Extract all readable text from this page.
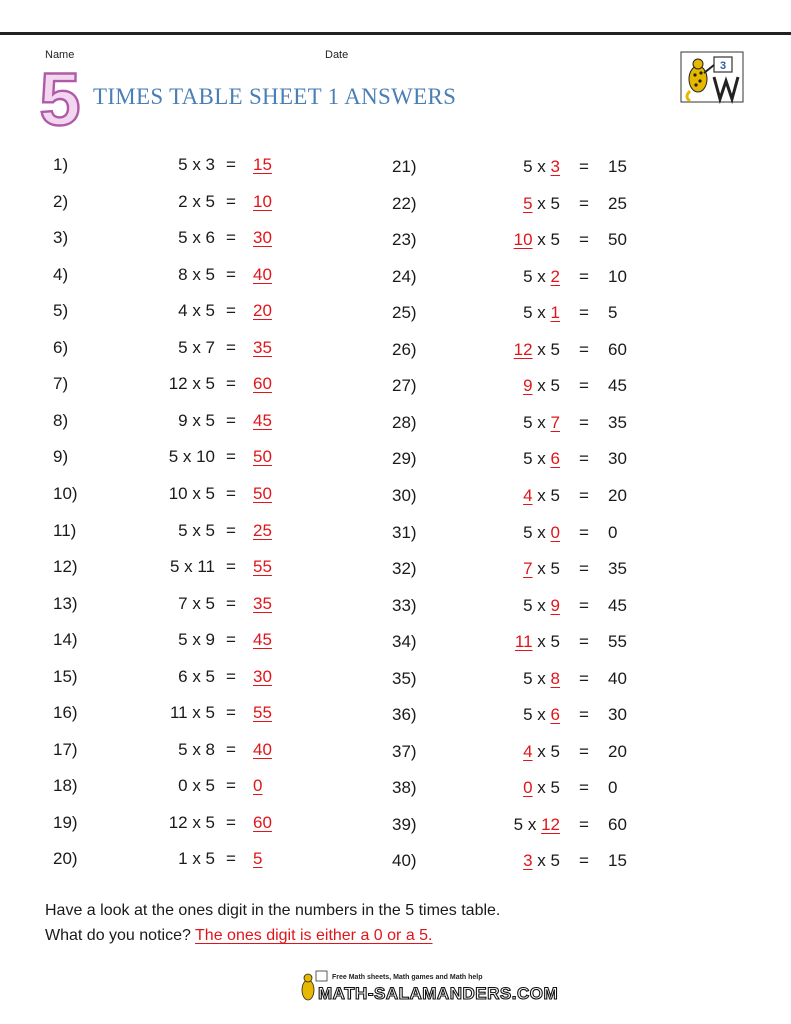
Name	Date
5 TIMES TABLE SHEET 1 ANSWERS
3
1)	5 x 3 = 15	21)	5 x 3 = 15
2)	2 x 5 = 10	22)	5 x 5 = 25
3)	5 x 6 = 30	23)	10 x 5 = 50
4)	8 x 5 = 40	24)	5 x 2 = 10
5)	4 x 5 = 20	25)	5 x 1 = 5
6)	5 x 7 = 35	26)	12 x 5 = 60
7)	12 x 5 = 60	27)	9 x 5 = 45
8)	9 x 5 = 45	28)	5 x 7 = 35
9)	5 x 10 = 50	29)	5 x 6 = 30
10)	10 x 5 = 50	30)	4 x 5 = 20
11)	5 x 5 = 25	31)	5 x 0 = 0
12)	5 x 11 = 55	32)	7 x 5 = 35
13)	7 x 5 = 35	33)	5 x 9 = 45
14)	5 x 9 = 45	34)	11 x 5 = 55
15)	6 x 5 = 30	35)	5 x 8 = 40
16)	11 x 5 = 55	36)	5 x 6 = 30
17)	5 x 8 = 40	37)	4 x 5 = 20
18)	0 x 5 = 0	38)	0 x 5 = 0
19)	12 x 5 = 60	39)	5 x 12 = 60
20)	1 x 5 = 5	40)	3 x 5 = 15
Have a look at the ones digit in the numbers in the 5 times table.
What do you notice? The ones digit is either a 0 or a 5.
Free Math sheets, Math games and Math help
MATH-SALAMANDERS.COM
